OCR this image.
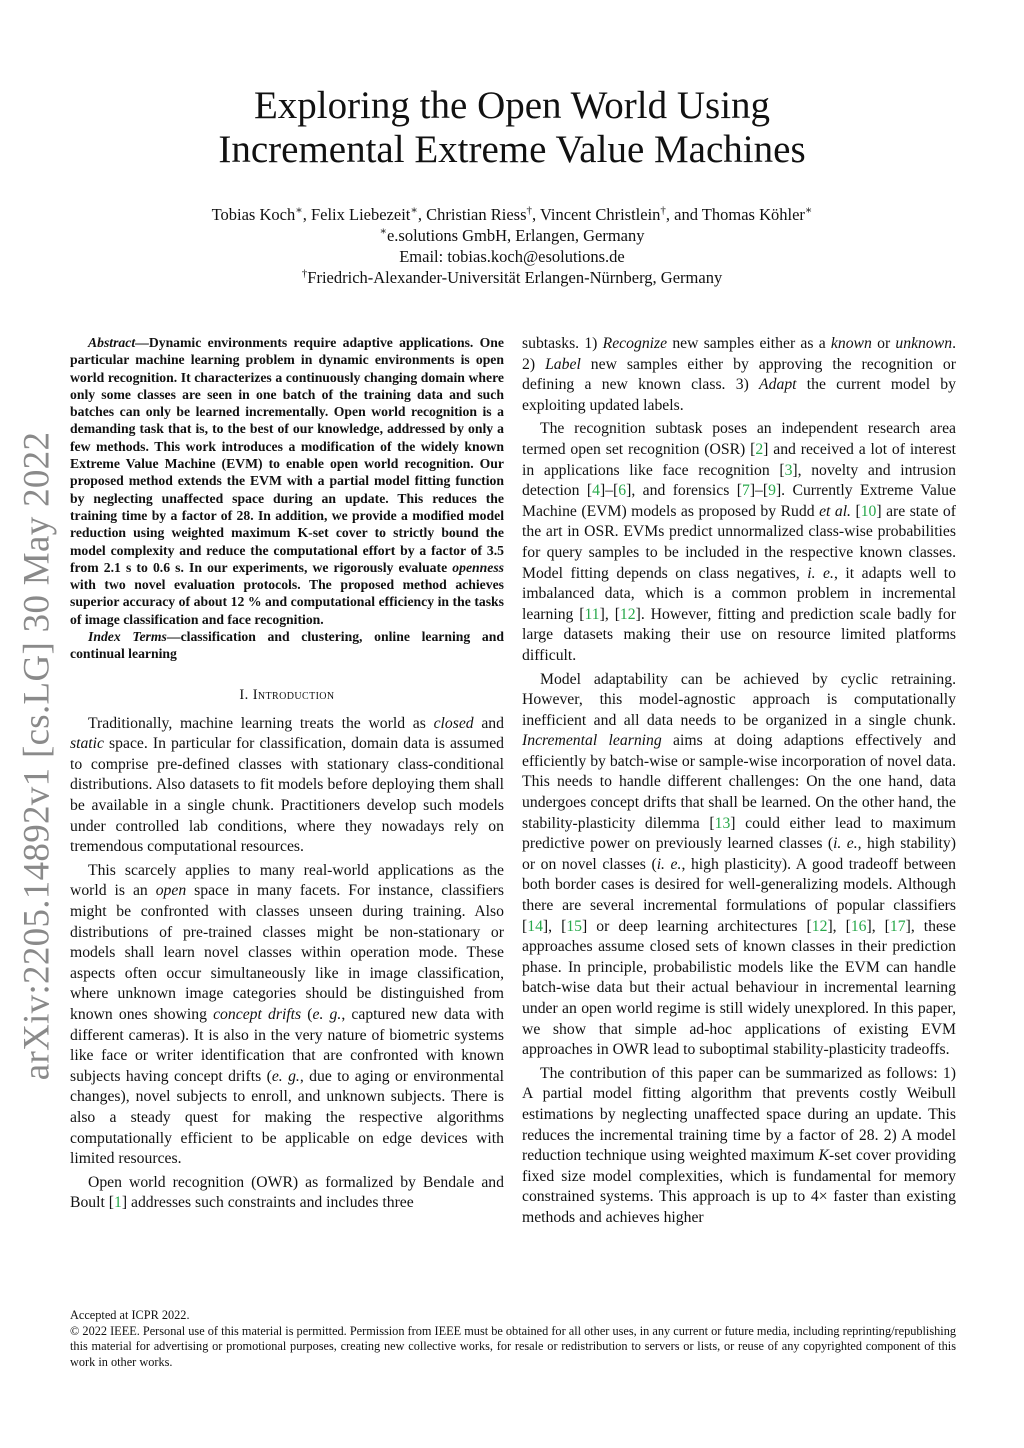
arXiv:2205.14892v1 [cs.LG] 30 May 2022
Exploring the Open World Using
Incremental Extreme Value Machines
Tobias Koch∗, Felix Liebezeit∗, Christian Riess†, Vincent Christlein†, and Thomas Köhler∗
∗e.solutions GmbH, Erlangen, Germany
Email: tobias.koch@esolutions.de
†Friedrich-Alexander-Universität Erlangen-Nürnberg, Germany

Abstract—Dynamic environments require adaptive applications. One particular machine learning problem in dynamic environments is open world recognition. It characterizes a continuously changing domain where only some classes are seen in one batch of the training data and such batches can only be learned incrementally. Open world recognition is a demanding task that is, to the best of our knowledge, addressed by only a few methods. This work introduces a modification of the widely known Extreme Value Machine (EVM) to enable open world recognition. Our proposed method extends the EVM with a partial model fitting function by neglecting unaffected space during an update. This reduces the training time by a factor of 28. In addition, we provide a modified model reduction using weighted maximum K-set cover to strictly bound the model complexity and reduce the computational effort by a factor of 3.5 from 2.1 s to 0.6 s. In our experiments, we rigorously evaluate openness with two novel evaluation protocols. The proposed method achieves superior accuracy of about 12 % and computational efficiency in the tasks of image classification and face recognition.

Index Terms—classification and clustering, online learning and continual learning

I. Introduction

Traditionally, machine learning treats the world as closed and static space. In particular for classification, domain data is assumed to comprise pre-defined classes with stationary class-conditional distributions. Also datasets to fit models before deploying them shall be available in a single chunk. Practitioners develop such models under controlled lab conditions, where they nowadays rely on tremendous computational resources.

This scarcely applies to many real-world applications as the world is an open space in many facets. For instance, classifiers might be confronted with classes unseen during training. Also distributions of pre-trained classes might be non-stationary or models shall learn novel classes within operation mode. These aspects often occur simultaneously like in image classification, where unknown image categories should be distinguished from known ones showing concept drifts (e. g., captured new data with different cameras). It is also in the very nature of biometric systems like face or writer identification that are confronted with known subjects having concept drifts (e. g., due to aging or environmental changes), novel subjects to enroll, and unknown subjects. There is also a steady quest for making the respective algorithms computationally efficient to be applicable on edge devices with limited resources.

Open world recognition (OWR) as formalized by Bendale and Boult [1] addresses such constraints and includes three

subtasks. 1) Recognize new samples either as a known or unknown. 2) Label new samples either by approving the recognition or defining a new known class. 3) Adapt the current model by exploiting updated labels.

The recognition subtask poses an independent research area termed open set recognition (OSR) [2] and received a lot of interest in applications like face recognition [3], novelty and intrusion detection [4]–[6], and forensics [7]–[9]. Currently Extreme Value Machine (EVM) models as proposed by Rudd et al. [10] are state of the art in OSR. EVMs predict unnormalized class-wise probabilities for query samples to be included in the respective known classes. Model fitting depends on class negatives, i. e., it adapts well to imbalanced data, which is a common problem in incremental learning [11], [12]. However, fitting and prediction scale badly for large datasets making their use on resource limited platforms difficult.

Model adaptability can be achieved by cyclic retraining. However, this model-agnostic approach is computationally inefficient and all data needs to be organized in a single chunk. Incremental learning aims at doing adaptions effectively and efficiently by batch-wise or sample-wise incorporation of novel data. This needs to handle different challenges: On the one hand, data undergoes concept drifts that shall be learned. On the other hand, the stability-plasticity dilemma [13] could either lead to maximum predictive power on previously learned classes (i. e., high stability) or on novel classes (i. e., high plasticity). A good tradeoff between both border cases is desired for well-generalizing models. Although there are several incremental formulations of popular classifiers [14], [15] or deep learning architectures [12], [16], [17], these approaches assume closed sets of known classes in their prediction phase. In principle, probabilistic models like the EVM can handle batch-wise data but their actual behaviour in incremental learning under an open world regime is still widely unexplored. In this paper, we show that simple ad-hoc applications of existing EVM approaches in OWR lead to suboptimal stability-plasticity tradeoffs.

The contribution of this paper can be summarized as follows: 1) A partial model fitting algorithm that prevents costly Weibull estimations by neglecting unaffected space during an update. This reduces the incremental training time by a factor of 28. 2) A model reduction technique using weighted maximum K-set cover providing fixed size model complexities, which is fundamental for memory constrained systems. This approach is up to 4× faster than existing methods and achieves higher

Accepted at ICPR 2022.

© 2022 IEEE. Personal use of this material is permitted. Permission from IEEE must be obtained for all other uses, in any current or future media, including reprinting/republishing this material for advertising or promotional purposes, creating new collective works, for resale or redistribution to servers or lists, or reuse of any copyrighted component of this work in other works.
